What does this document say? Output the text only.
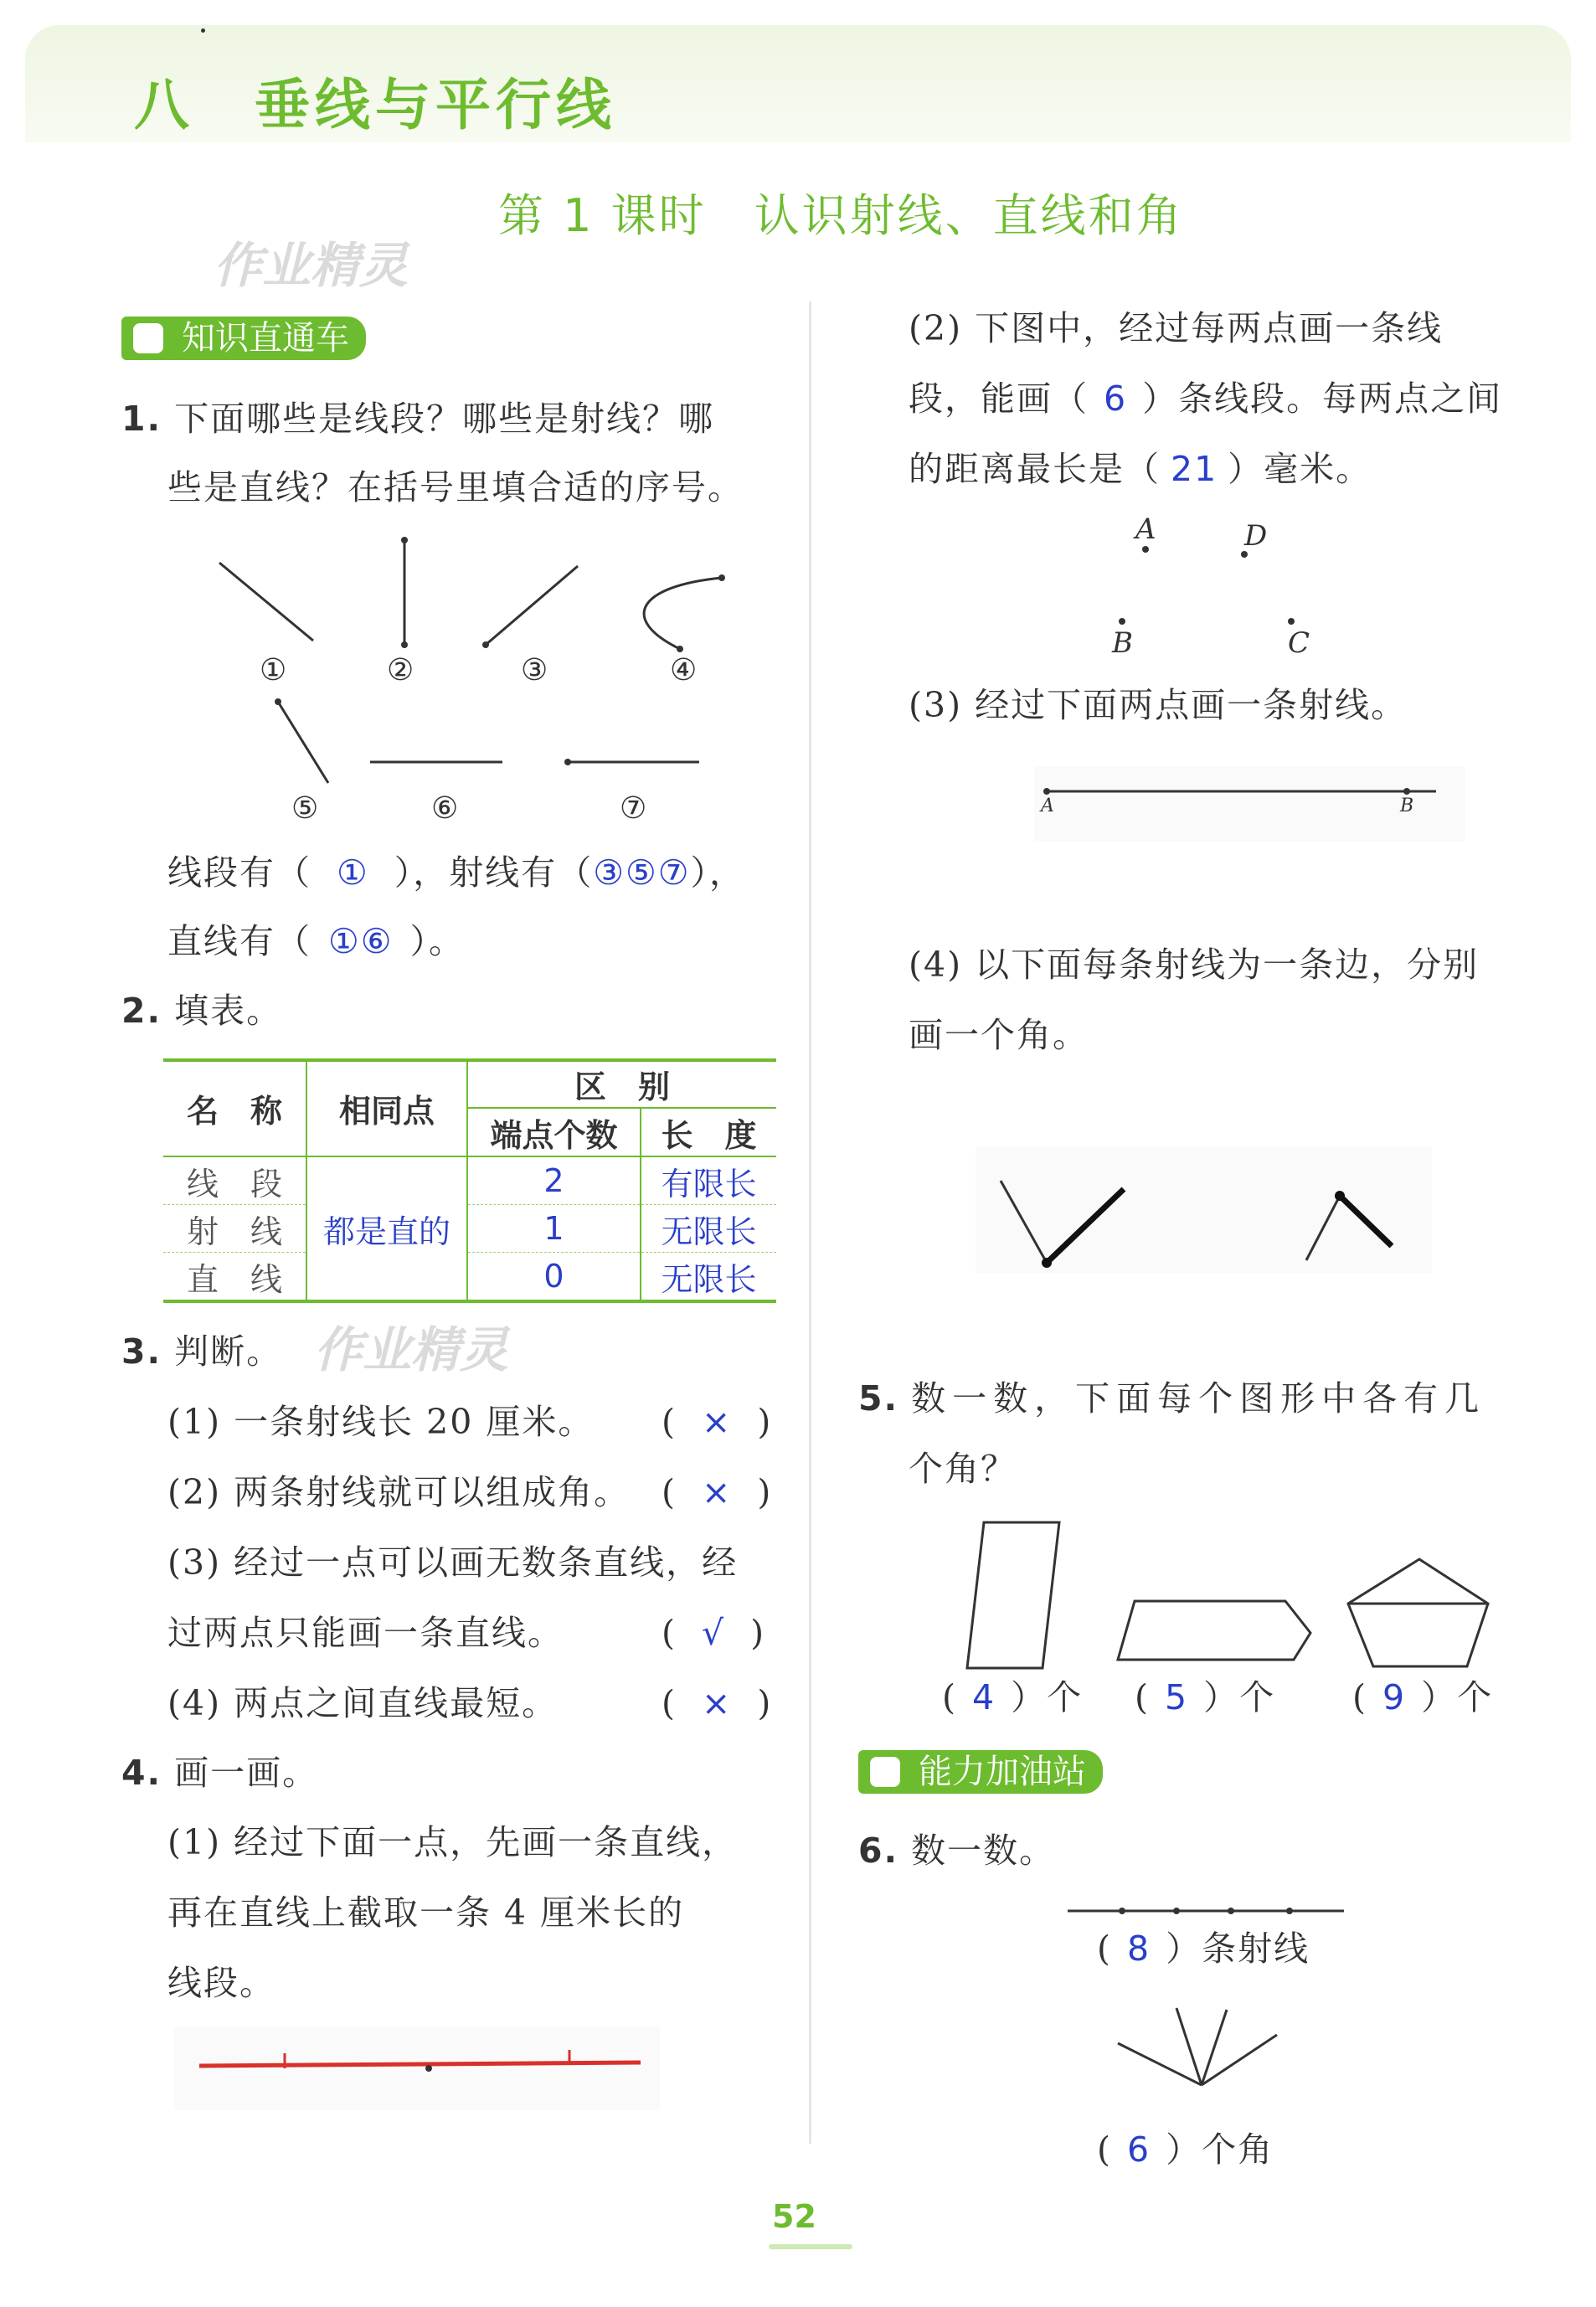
八　垂线与平行线
第 1 课时　认识射线、直线和角
作业精灵
作业精灵
知识直通车
1. 下面哪些是线段？哪些是射线？哪
些是直线？在括号里填合适的序号。
①	②	③	④
⑤	⑥	⑦
线段有（ ① ），射线有（③⑤⑦），
直线有（ ①⑥ ）。
2. 填表。
名　称	相同点	区　别	
		端点个数	长　度
线　段	都是直的	2	有限长
射　线		1	无限长
直　线		0	无限长
3. 判断。
(1) 一条射线长 20 厘米。
(2) 两条射线就可以组成角。
(3) 经过一点可以画无数条直线，经
过两点只能画一条直线。
(4) 两点之间直线最短。
( × )
( × )
( √ )
( × )
4. 画一画。
(1) 经过下面一点，先画一条直线，
再在直线上截取一条 4 厘米长的
线段。
(2) 下图中，经过每两点画一条线
段，能画（ 6 ）条线段。每两点之间
的距离最长是（ 21 ）毫米。
A	D
B	C
(3) 经过下面两点画一条射线。
A	B
(4) 以下面每条射线为一条边，分别
画一个角。
5. 数一数，下面每个图形中各有几
个角？
( 4 ）个 ( 5 ）个 ( 9 ）个
能力加油站
6. 数一数。
( 8 ）条射线
( 6 ）个角
52
